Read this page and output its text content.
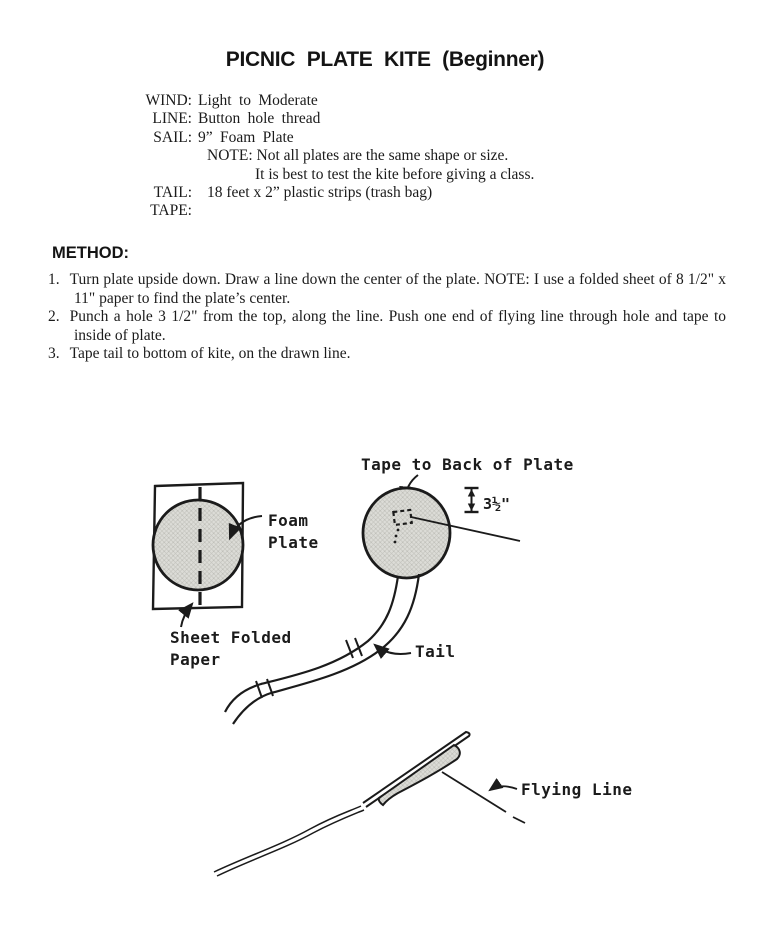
PICNIC PLATE KITE (Beginner)
WIND: Light to Moderate
LINE: Button hole thread
SAIL: 9” Foam Plate
NOTE: Not all plates are the same shape or size.
It is best to test the kite before giving a class.
TAIL: 18 feet x 2” plastic strips (trash bag)
TAPE:
METHOD:

1. Turn plate upside down. Draw a line down the center of the plate. NOTE: I use a folded sheet of 8 1/2" x 11" paper to find the plate’s center.

2. Punch a hole 3 1/2" from the top, along the line. Push one end of flying line through hole and tape to inside of plate.

3. Tape tail to bottom of kite, on the drawn line.

Foam
Plate
Sheet Folded
Paper
Tape to Back of Plate
3½"
Tail
Flying Line
